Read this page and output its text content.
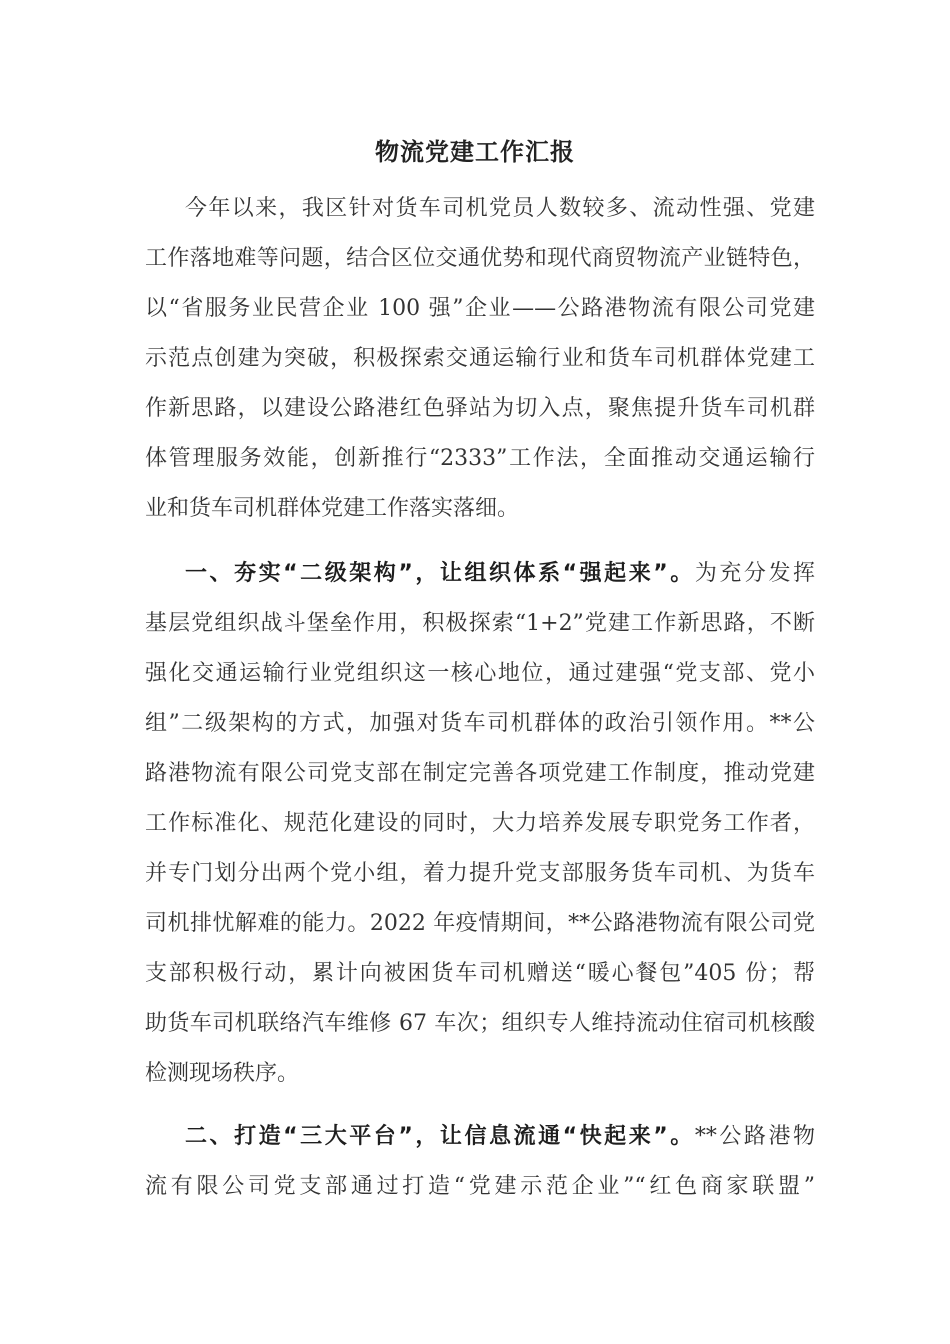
物流党建工作汇报
今年以来，我区针对货车司机党员人数较多、流动性强、党建
工作落地难等问题，结合区位交通优势和现代商贸物流产业链特色，
以“省服务业民营企业 100 强”企业——公路港物流有限公司党建
示范点创建为突破，积极探索交通运输行业和货车司机群体党建工
作新思路，以建设公路港红色驿站为切入点，聚焦提升货车司机群
体管理服务效能，创新推行“2333”工作法，全面推动交通运输行
业和货车司机群体党建工作落实落细。
一、夯实“二级架构”，让组织体系“强起来”。为充分发挥
基层党组织战斗堡垒作用，积极探索“1+2”党建工作新思路，不断
强化交通运输行业党组织这一核心地位，通过建强“党支部、党小
组”二级架构的方式，加强对货车司机群体的政治引领作用。**公
路港物流有限公司党支部在制定完善各项党建工作制度，推动党建
工作标准化、规范化建设的同时，大力培养发展专职党务工作者，
并专门划分出两个党小组，着力提升党支部服务货车司机、为货车
司机排忧解难的能力。2022 年疫情期间，**公路港物流有限公司党
支部积极行动，累计向被困货车司机赠送“暖心餐包”405 份；帮
助货车司机联络汽车维修 67 车次；组织专人维持流动住宿司机核酸
检测现场秩序。
二、打造“三大平台”，让信息流通“快起来”。**公路港物
流有限公司党支部通过打造“党建示范企业”“红色商家联盟”
